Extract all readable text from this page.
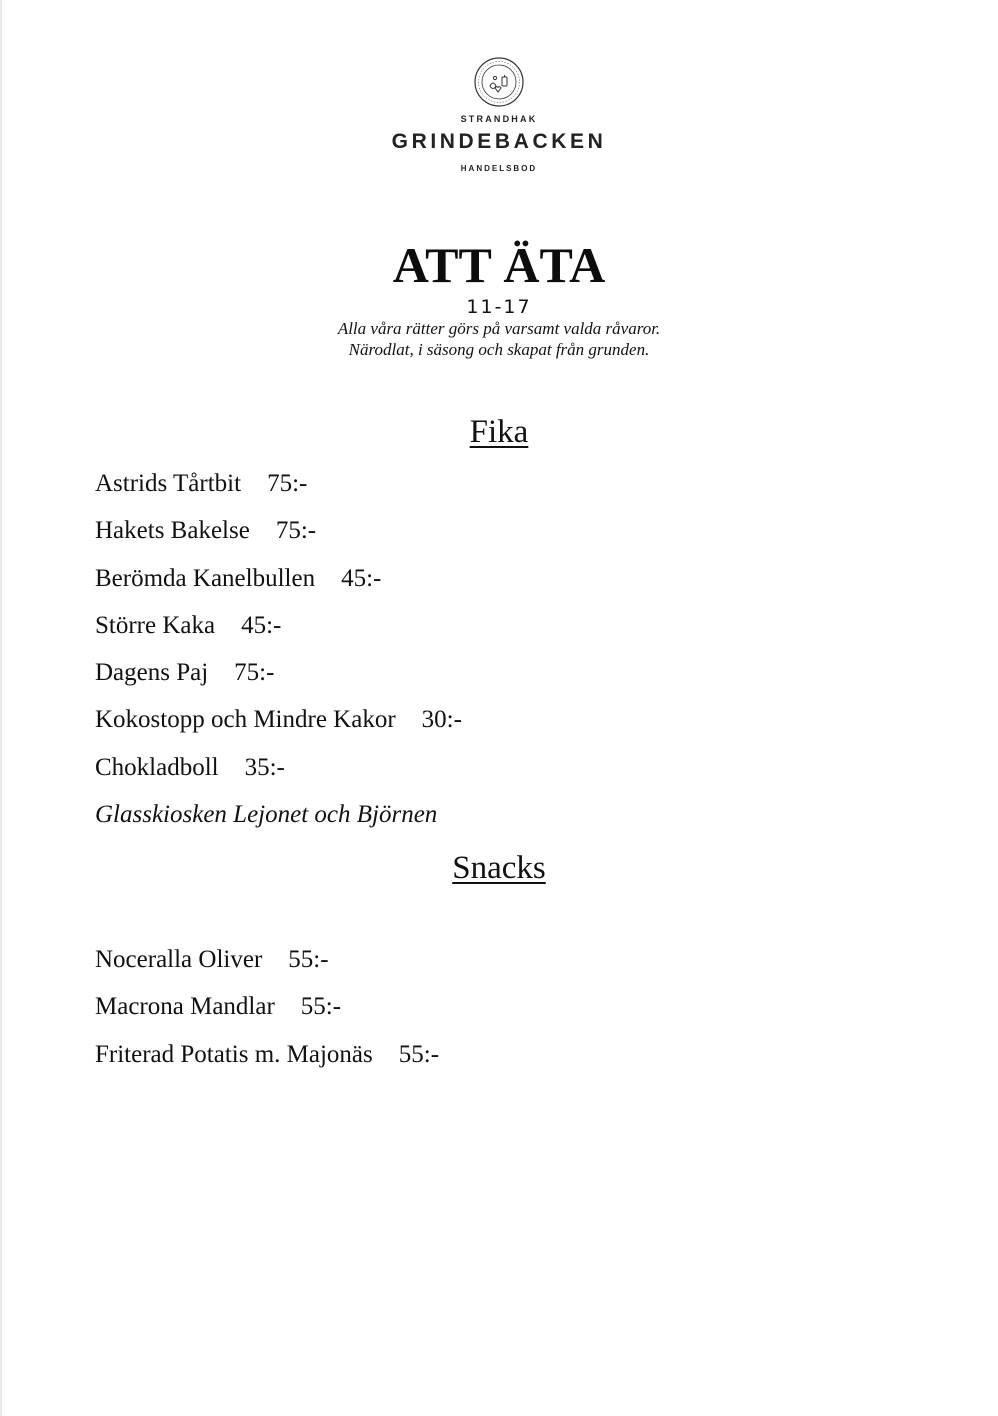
STRANDHAK
GRINDEBACKEN
HANDELSBOD
ATT ÄTA
11-17
Alla våra rätter görs på varsamt valda råvaror.
Närodlat, i säsong och skapat från grunden.
Fika
Astrids Tårtbit 75:-
Hakets Bakelse 75:-
Berömda Kanelbullen 45:-
Större Kaka 45:-
Dagens Paj 75:-
Kokostopp och Mindre Kakor 30:-
Chokladboll 35:-
Glasskiosken Lejonet och Björnen
Snacks
Noceralla Oliver 55:-
Macrona Mandlar 55:-
Friterad Potatis m. Majonäs 55:-
